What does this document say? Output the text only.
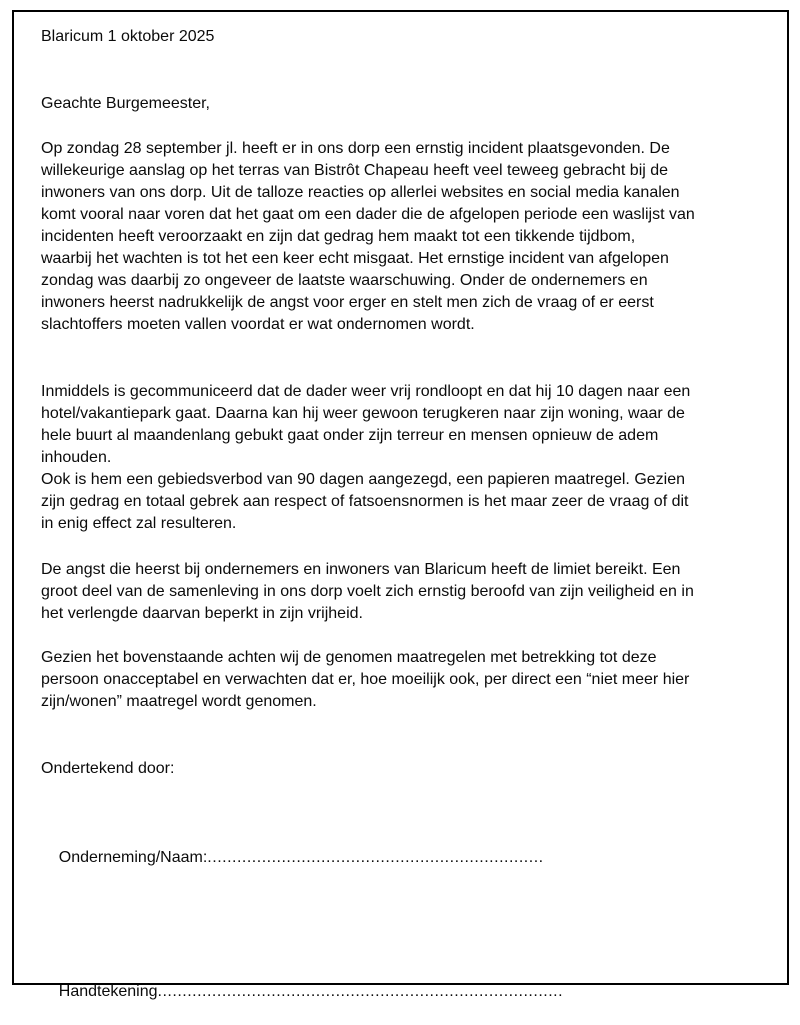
Blaricum 1 oktober 2025
Geachte Burgemeester,
Op zondag 28 september jl. heeft er in ons dorp een ernstig incident plaatsgevonden. De
willekeurige aanslag op het terras van Bistrôt Chapeau heeft veel teweeg gebracht bij de
inwoners van ons dorp. Uit de talloze reacties op allerlei websites en social media kanalen
komt vooral naar voren dat het gaat om een dader die de afgelopen periode een waslijst van
incidenten heeft veroorzaakt en zijn dat gedrag hem maakt tot een tikkende tijdbom,
waarbij het wachten is tot het een keer echt misgaat. Het ernstige incident van afgelopen
zondag was daarbij zo ongeveer de laatste waarschuwing. Onder de ondernemers en
inwoners heerst nadrukkelijk de angst voor erger en stelt men zich de vraag of er eerst
slachtoffers moeten vallen voordat er wat ondernomen wordt.
Inmiddels is gecommuniceerd dat de dader weer vrij rondloopt en dat hij 10 dagen naar een
hotel/vakantiepark gaat. Daarna kan hij weer gewoon terugkeren naar zijn woning, waar de
hele buurt al maandenlang gebukt gaat onder zijn terreur en mensen opnieuw de adem
inhouden.
Ook is hem een gebiedsverbod van 90 dagen aangezegd, een papieren maatregel. Gezien
zijn gedrag en totaal gebrek aan respect of fatsoensnormen is het maar zeer de vraag of dit
in enig effect zal resulteren.
De angst die heerst bij ondernemers en inwoners van Blaricum heeft de limiet bereikt. Een
groot deel van de samenleving in ons dorp voelt zich ernstig beroofd van zijn veiligheid en in
het verlengde daarvan beperkt in zijn vrijheid.
Gezien het bovenstaande achten wij de genomen maatregelen met betrekking tot deze
persoon onacceptabel en verwachten dat er, hoe moeilijk ook, per direct een “niet meer hier
zijn/wonen” maatregel wordt genomen.
Ondertekend door:

Onderneming/Naam:....................................................................

Handtekening..................................................................................
